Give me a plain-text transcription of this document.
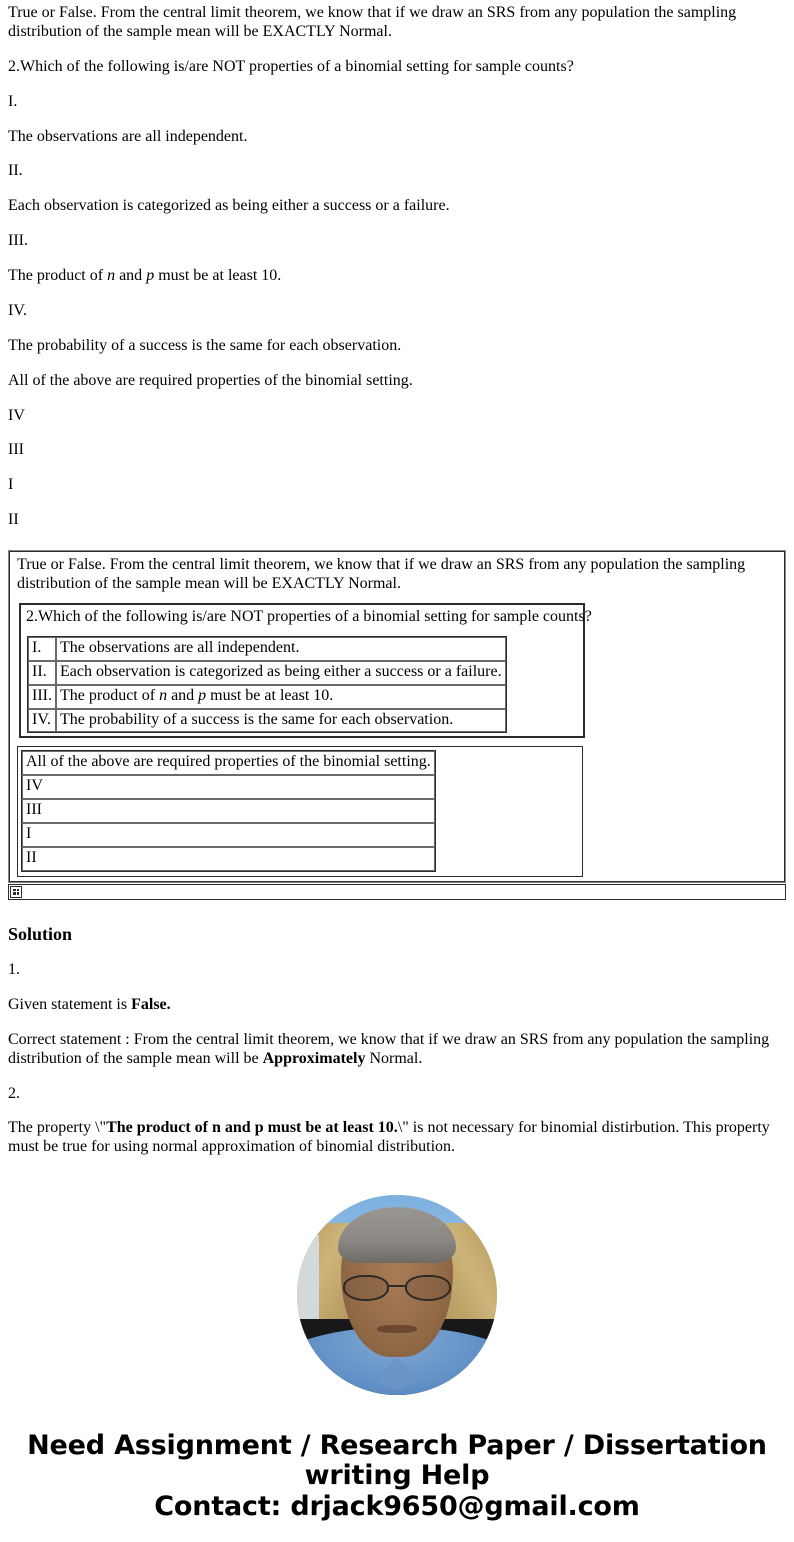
True or False. From the central limit theorem, we know that if we draw an SRS from any population the sampling distribution of the sample mean will be EXACTLY Normal.

2.Which of the following is/are NOT properties of a binomial setting for sample counts?

I.

The observations are all independent.

II.

Each observation is categorized as being either a success or a failure.

III.

The product of n and p must be at least 10.

IV.

The probability of a success is the same for each observation.

All of the above are required properties of the binomial setting.

IV

III

I

II

True or False. From the central limit theorem, we know that if we draw an SRS from any population the sampling distribution of the sample mean will be EXACTLY Normal.
2.Which of the following is/are NOT properties of a binomial setting for sample counts?
I.	The observations are all independent.
II.	Each observation is categorized as being either a success or a failure.
III.	The product of n and p must be at least 10.
IV.	The probability of a success is the same for each observation.
All of the above are required properties of the binomial setting.
IV
III
I
II
Solution

1.

Given statement is False.

Correct statement : From the central limit theorem, we know that if we draw an SRS from any population the sampling distribution of the sample mean will be Approximately Normal.

2.

The property \"The product of n and p must be at least 10.\" is not necessary for binomial distirbution. This property must be true for using normal approximation of binomial distribution.

Need Assignment / Research Paper / Dissertation
writing Help
Contact: drjack9650@gmail.com
